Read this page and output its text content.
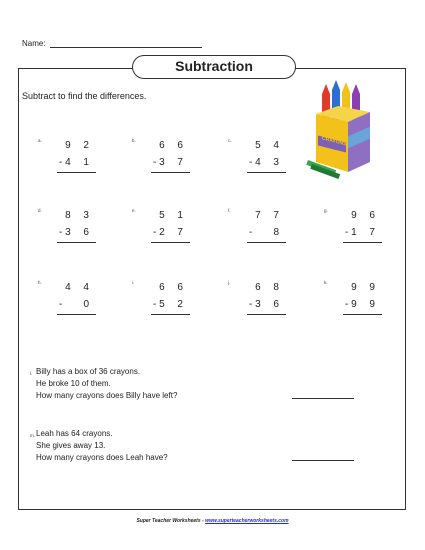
Name:
Subtraction
Subtract to find the differences.
CRAYONS
a. 9 2
- 4 1
b. 6 6
- 3 7
c. 5 4
- 4 3
d. 8 3
- 3 6
e. 5 1
- 2 7
f. 7 7
- 8
g. 9 6
- 1 7
h. 4 4
- 0
i. 6 6
- 5 2
j. 6 8
- 3 6
k. 9 9
- 9 9
l. Billy has a box of 36 crayons.
He broke 10 of them.
How many crayons does Billy have left?
m. Leah has 64 crayons.
She gives away 13.
How many crayons does Leah have?
Super Teacher Worksheets - www.superteacherworksheets.com
